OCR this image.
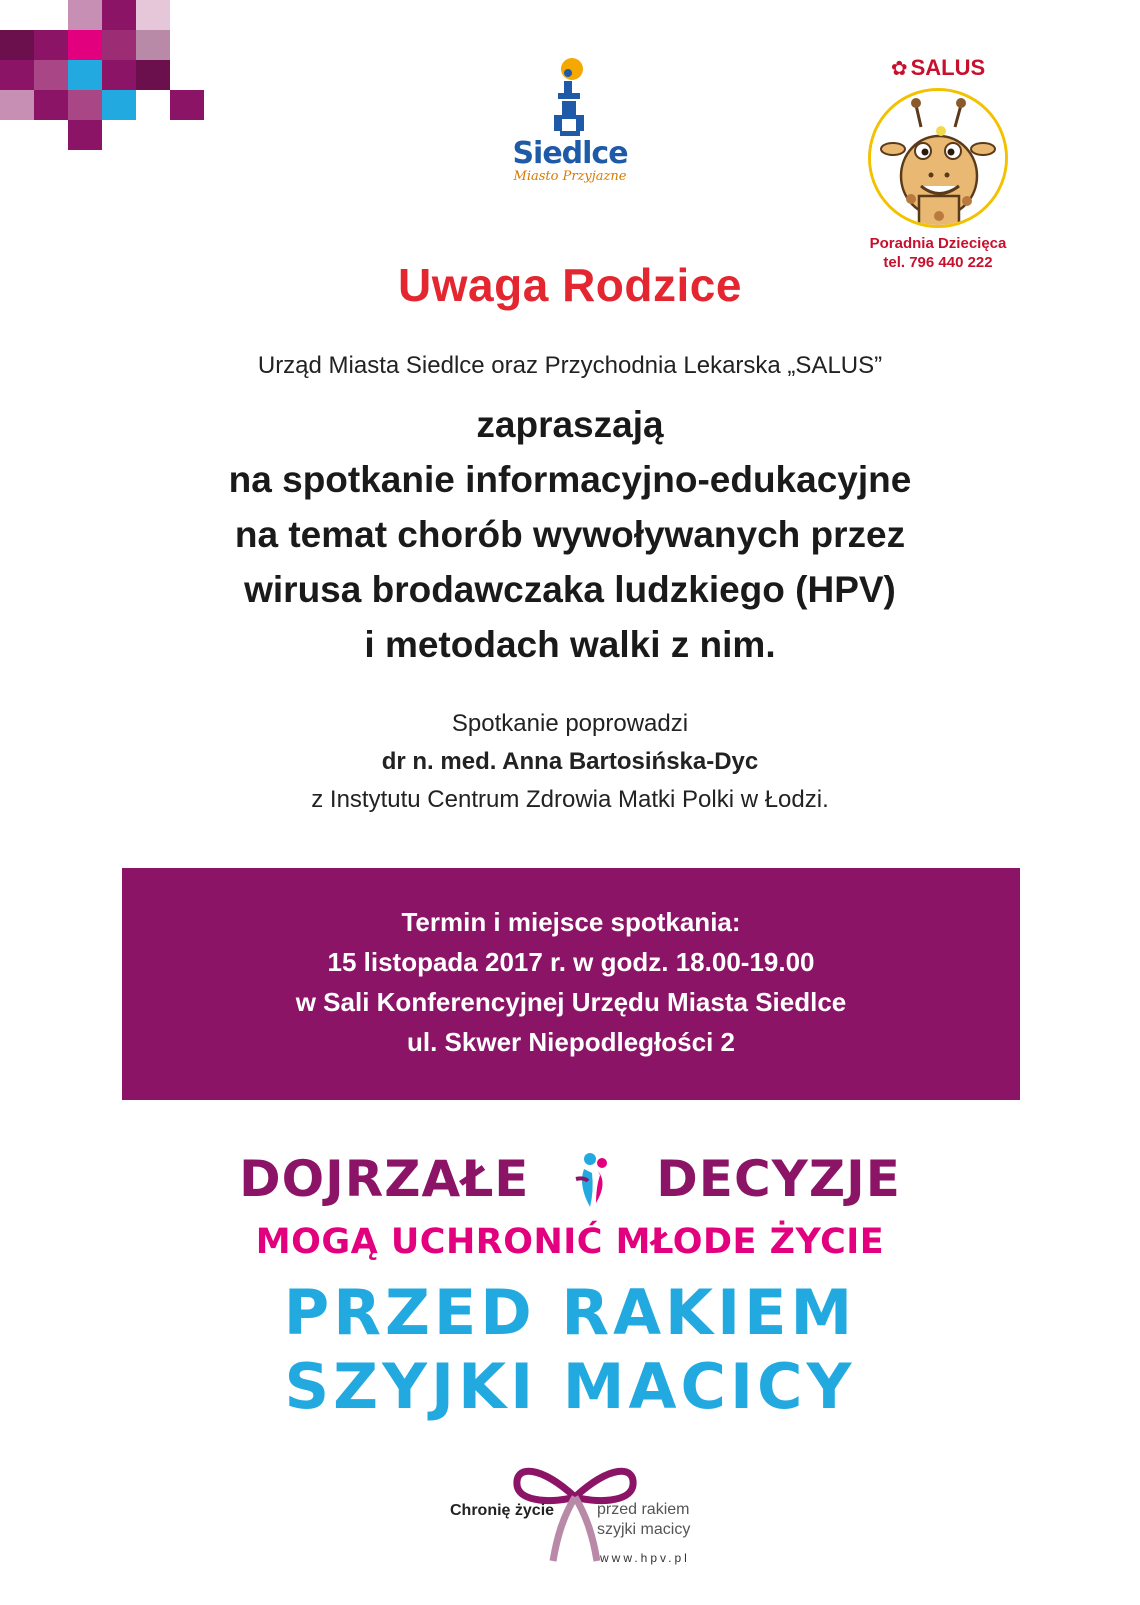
Siedlce
Miasto Przyjazne
✿ SALUS
Poradnia Dziecięca
tel. 796 440 222
Uwaga Rodzice
Urząd Miasta Siedlce oraz Przychodnia Lekarska „SALUS”
zapraszają
na spotkanie informacyjno-edukacyjne
na temat chorób wywoływanych przez
wirusa brodawczaka ludzkiego (HPV)
i metodach walki z nim.
Spotkanie poprowadzi
dr n. med. Anna Bartosińska-Dyc
z Instytutu Centrum Zdrowia Matki Polki w Łodzi.
Termin i miejsce spotkania:
15 listopada 2017 r. w godz. 18.00-19.00
w Sali Konferencyjnej Urzędu Miasta Siedlce
ul. Skwer Niepodległości 2
DOJRZAŁE	DECYZJE
MOGĄ UCHRONIĆ MŁODE ŻYCIE
PRZED RAKIEM
SZYJKI MACICY
Chronię życie	przed rakiem
szyjki macicy
www.hpv.pl
